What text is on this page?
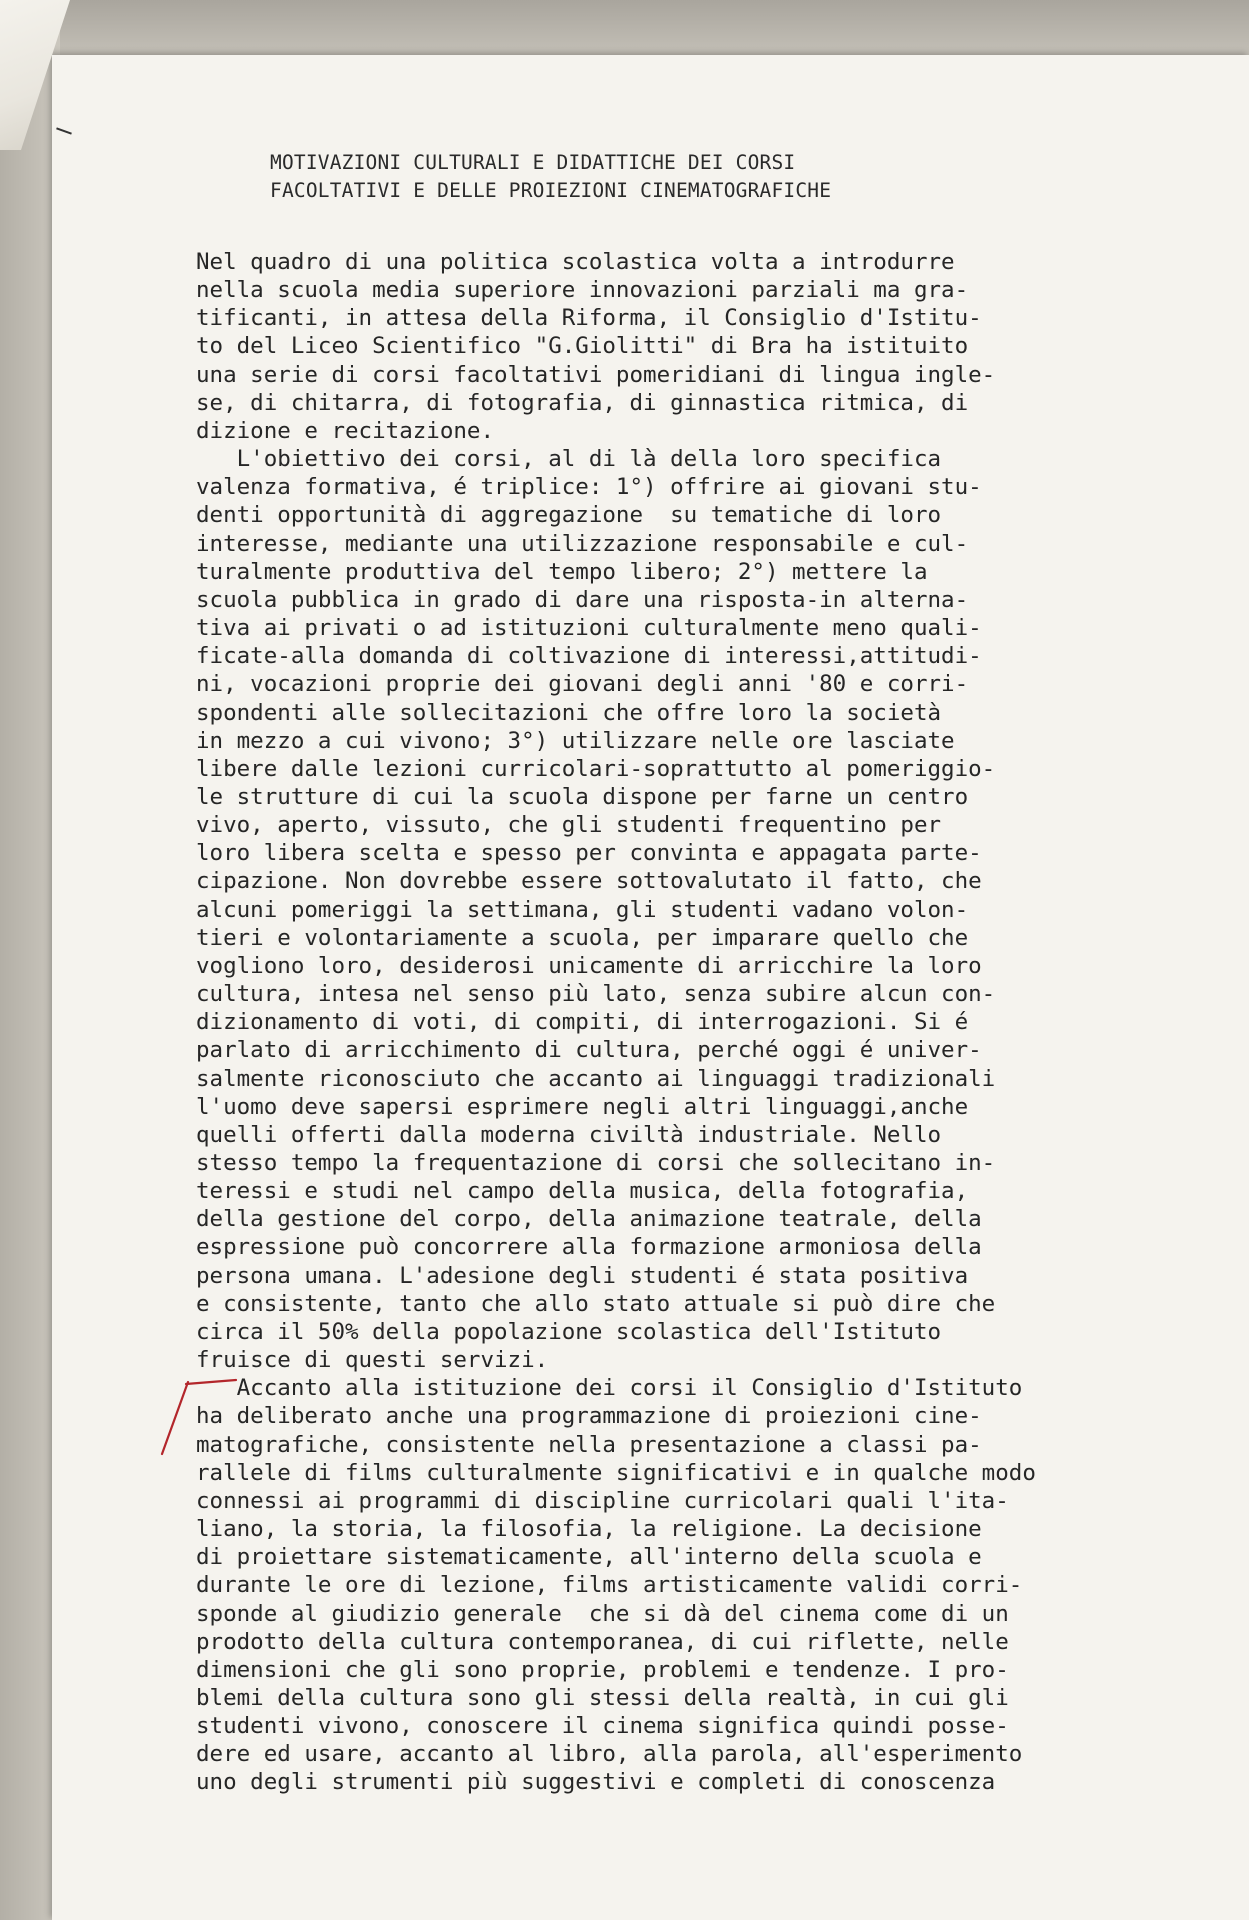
MOTIVAZIONI CULTURALI E DIDATTICHE DEI CORSI
FACOLTATIVI E DELLE PROIEZIONI CINEMATOGRAFICHE
Nel quadro di una politica scolastica volta a introdurre
nella scuola media superiore innovazioni parziali ma gra-
tificanti, in attesa della Riforma, il Consiglio d'Istitu-
to del Liceo Scientifico "G.Giolitti" di Bra ha istituito
una serie di corsi facoltativi pomeridiani di lingua ingle-
se, di chitarra, di fotografia, di ginnastica ritmica, di
dizione e recitazione.
L'obiettivo dei corsi, al di là della loro specifica
valenza formativa, é triplice: 1°) offrire ai giovani stu-
denti opportunità di aggregazione  su tematiche di loro
interesse, mediante una utilizzazione responsabile e cul-
turalmente produttiva del tempo libero; 2°) mettere la
scuola pubblica in grado di dare una risposta-in alterna-
tiva ai privati o ad istituzioni culturalmente meno quali-
ficate-alla domanda di coltivazione di interessi,attitudi-
ni, vocazioni proprie dei giovani degli anni '80 e corri-
spondenti alle sollecitazioni che offre loro la società
in mezzo a cui vivono; 3°) utilizzare nelle ore lasciate
libere dalle lezioni curricolari-soprattutto al pomeriggio-
le strutture di cui la scuola dispone per farne un centro
vivo, aperto, vissuto, che gli studenti frequentino per
loro libera scelta e spesso per convinta e appagata parte-
cipazione. Non dovrebbe essere sottovalutato il fatto, che
alcuni pomeriggi la settimana, gli studenti vadano volon-
tieri e volontariamente a scuola, per imparare quello che
vogliono loro, desiderosi unicamente di arricchire la loro
cultura, intesa nel senso più lato, senza subire alcun con-
dizionamento di voti, di compiti, di interrogazioni. Si é
parlato di arricchimento di cultura, perché oggi é univer-
salmente riconosciuto che accanto ai linguaggi tradizionali
l'uomo deve sapersi esprimere negli altri linguaggi,anche
quelli offerti dalla moderna civiltà industriale. Nello
stesso tempo la frequentazione di corsi che sollecitano in-
teressi e studi nel campo della musica, della fotografia,
della gestione del corpo, della animazione teatrale, della
espressione può concorrere alla formazione armoniosa della
persona umana. L'adesione degli studenti é stata positiva
e consistente, tanto che allo stato attuale si può dire che
circa il 50% della popolazione scolastica dell'Istituto
fruisce di questi servizi.
Accanto alla istituzione dei corsi il Consiglio d'Istituto
ha deliberato anche una programmazione di proiezioni cine-
matografiche, consistente nella presentazione a classi pa-
rallele di films culturalmente significativi e in qualche modo
connessi ai programmi di discipline curricolari quali l'ita-
liano, la storia, la filosofia, la religione. La decisione
di proiettare sistematicamente, all'interno della scuola e
durante le ore di lezione, films artisticamente validi corri-
sponde al giudizio generale  che si dà del cinema come di un
prodotto della cultura contemporanea, di cui riflette, nelle
dimensioni che gli sono proprie, problemi e tendenze. I pro-
blemi della cultura sono gli stessi della realtà, in cui gli
studenti vivono, conoscere il cinema significa quindi posse-
dere ed usare, accanto al libro, alla parola, all'esperimento
uno degli strumenti più suggestivi e completi di conoscenza
